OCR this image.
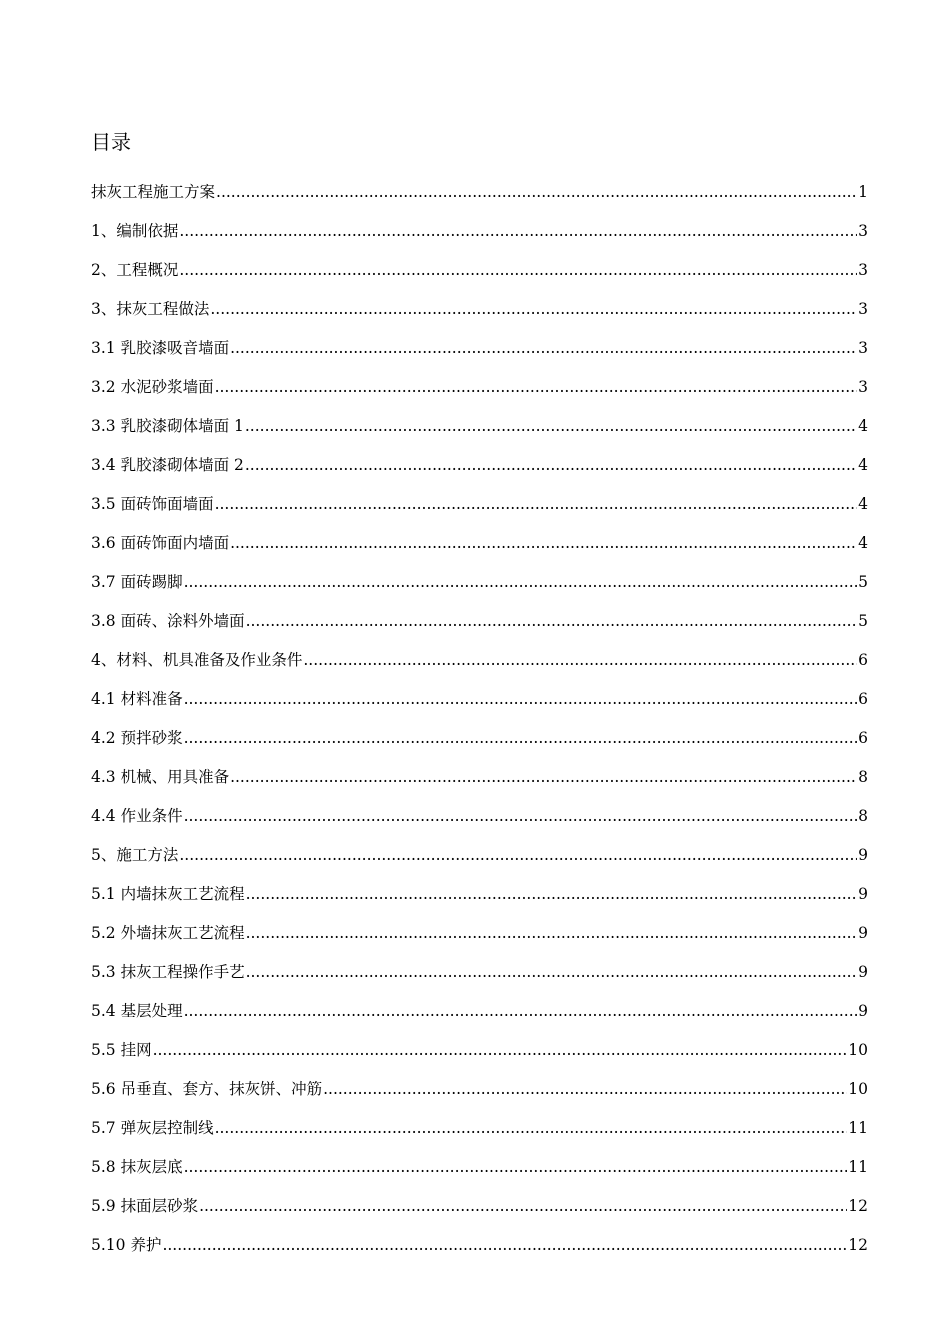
目录
抹灰工程施工方案 .....	1
1、编制依据 .....	3
2、工程概况 .....	3
3、抹灰工程做法 .....	3
3.1 乳胶漆吸音墙面 .....	3
3.2 水泥砂浆墙面 .....	3
3.3 乳胶漆砌体墙面 1 .....	4
3.4 乳胶漆砌体墙面 2 .....	4
3.5 面砖饰面墙面 .....	4
3.6 面砖饰面内墙面 .....	4
3.7 面砖踢脚 .....	5
3.8 面砖、涂料外墙面 .....	5
4、材料、机具准备及作业条件 .....	6
4.1 材料准备 .....	6
4.2 预拌砂浆 .....	6
4.3 机械、用具准备 .....	8
4.4 作业条件 .....	8
5、施工方法 .....	9
5.1 内墙抹灰工艺流程 .....	9
5.2 外墙抹灰工艺流程 .....	9
5.3 抹灰工程操作手艺 .....	9
5.4 基层处理 .....	9
5.5 挂网 .....	10
5.6 吊垂直、套方、抹灰饼、冲筋 .....	10
5.7 弹灰层控制线 .....	11
5.8 抹灰层底 .....	11
5.9 抹面层砂浆 .....	12
5.10 养护 .....	12
